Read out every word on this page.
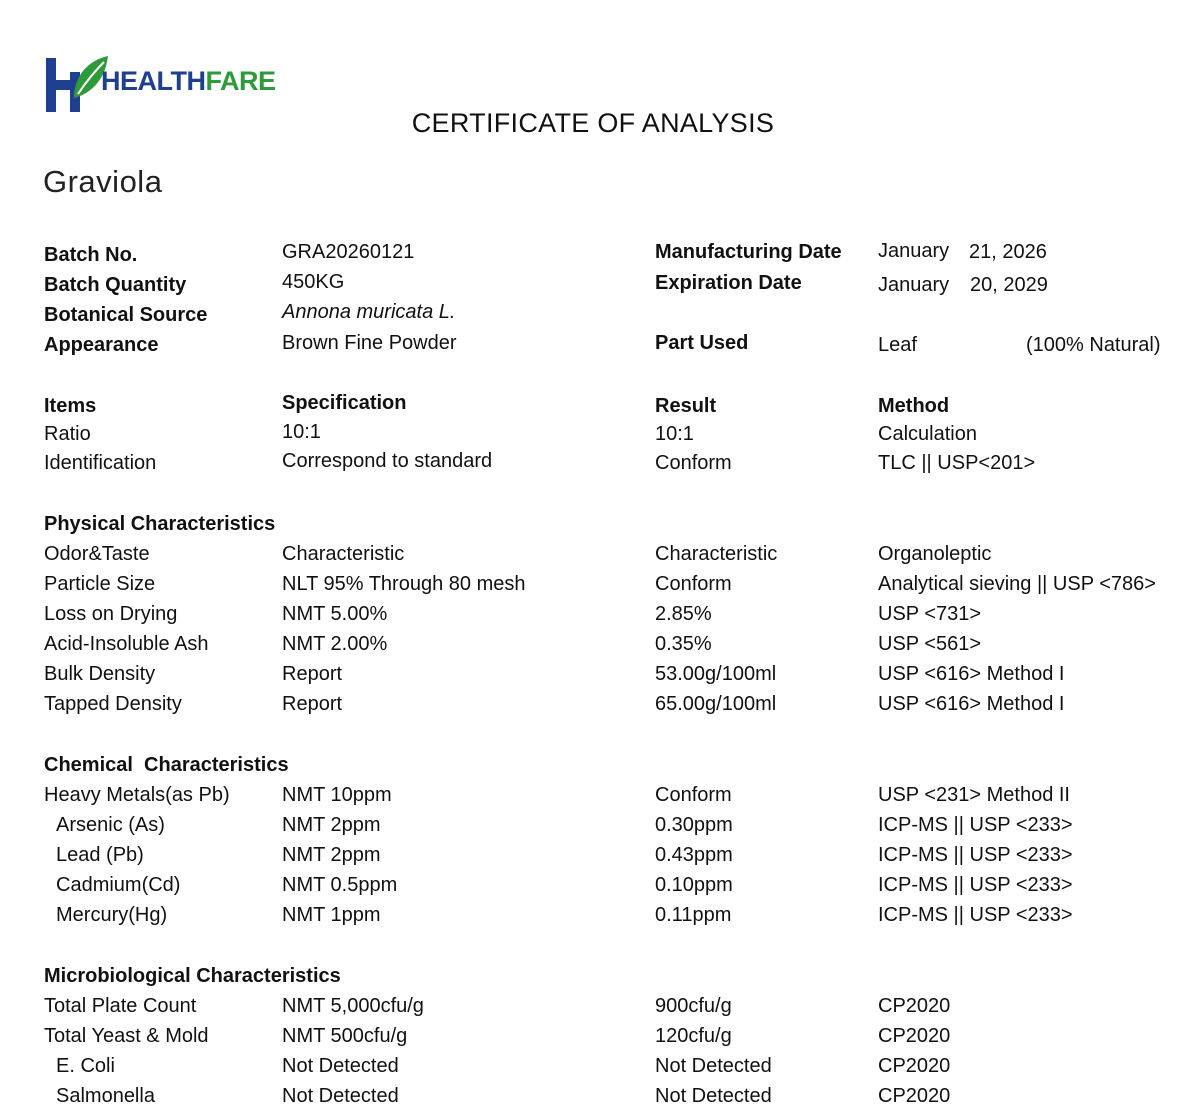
HEALTHFARE
CERTIFICATE OF ANALYSIS
Graviola
Batch No.	GRA20260121	Manufacturing Date January 21, 2026
Batch Quantity	450KG	Expiration Date	January 20, 2029
Botanical Source	Annona muricata L.
Appearance	Brown Fine Powder	Part Used	Leaf	(100% Natural)
Items	Specification	Result	Method
Ratio	10:1	10:1	Calculation
Identification	Correspond to standard	Conform	TLC || USP<201>
Physical Characteristics
Odor&Taste	Characteristic	Characteristic	Organoleptic
Particle Size	NLT 95% Through 80 mesh	Conform	Analytical sieving || USP <786>
Loss on Drying	NMT 5.00%	2.85%	USP <731>
Acid-Insoluble Ash	NMT 2.00%	0.35%	USP <561>
Bulk Density	Report	53.00g/100ml	USP <616> Method I
Tapped Density	Report	65.00g/100ml	USP <616> Method I
Chemical  Characteristics
Heavy Metals(as Pb)	NMT 10ppm	Conform	USP <231> Method II
Arsenic (As)	NMT 2ppm	0.30ppm	ICP-MS || USP <233>
Lead (Pb)	NMT 2ppm	0.43ppm	ICP-MS || USP <233>
Cadmium(Cd)	NMT 0.5ppm	0.10ppm	ICP-MS || USP <233>
Mercury(Hg)	NMT 1ppm	0.11ppm	ICP-MS || USP <233>
Microbiological Characteristics
Total Plate Count	NMT 5,000cfu/g	900cfu/g	CP2020
Total Yeast & Mold	NMT 500cfu/g	120cfu/g	CP2020
E. Coli	Not Detected	Not Detected	CP2020
Salmonella	Not Detected	Not Detected	CP2020
